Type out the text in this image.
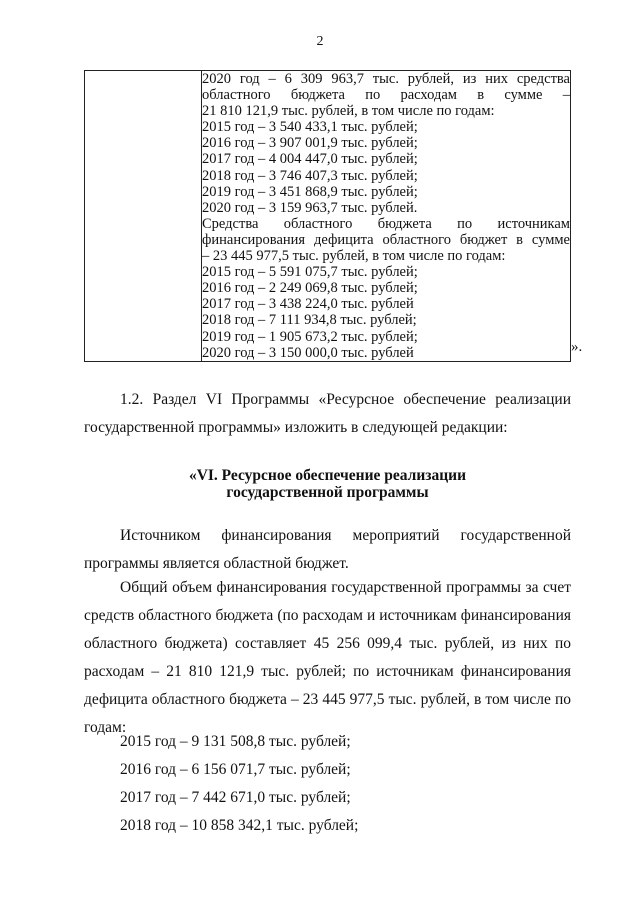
2

2020 год – 6 309 963,7 тыс. рублей, из них средства
областного бюджета по расходам в сумме –
21 810 121,9 тыс. рублей, в том числе по годам:
2015 год – 3 540 433,1 тыс. рублей;
2016 год – 3 907 001,9 тыс. рублей;
2017 год – 4 004 447,0 тыс. рублей;
2018 год – 3 746 407,3 тыс. рублей;
2019 год – 3 451 868,9 тыс. рублей;
2020 год – 3 159 963,7 тыс. рублей.
Средства областного бюджета по источникам
финансирования дефицита областного бюджет в сумме
– 23 445 977,5 тыс. рублей, в том числе по годам:
2015 год – 5 591 075,7 тыс. рублей;
2016 год – 2 249 069,8 тыс. рублей;
2017 год – 3 438 224,0 тыс. рублей
2018 год – 7 111 934,8 тыс. рублей;
2019 год – 1 905 673,2 тыс. рублей;
2020 год – 3 150 000,0 тыс. рублей	».
1.2. Раздел VI Программы «Ресурсное обеспечение реализации
государственной программы» изложить в следующей редакции:
«VI. Ресурсное обеспечение реализации
государственной программы
Источником финансирования мероприятий государственной
программы является областной бюджет.
Общий объем финансирования государственной программы за счет
средств областного бюджета (по расходам и источникам финансирования
областного бюджета) составляет 45 256 099,4 тыс. рублей, из них по
расходам – 21 810 121,9 тыс. рублей; по источникам финансирования
дефицита областного бюджета – 23 445 977,5 тыс. рублей, в том числе по
годам:
2015 год – 9 131 508,8 тыс. рублей;
2016 год – 6 156 071,7 тыс. рублей;
2017 год – 7 442 671,0 тыс. рублей;
2018 год – 10 858 342,1 тыс. рублей;
